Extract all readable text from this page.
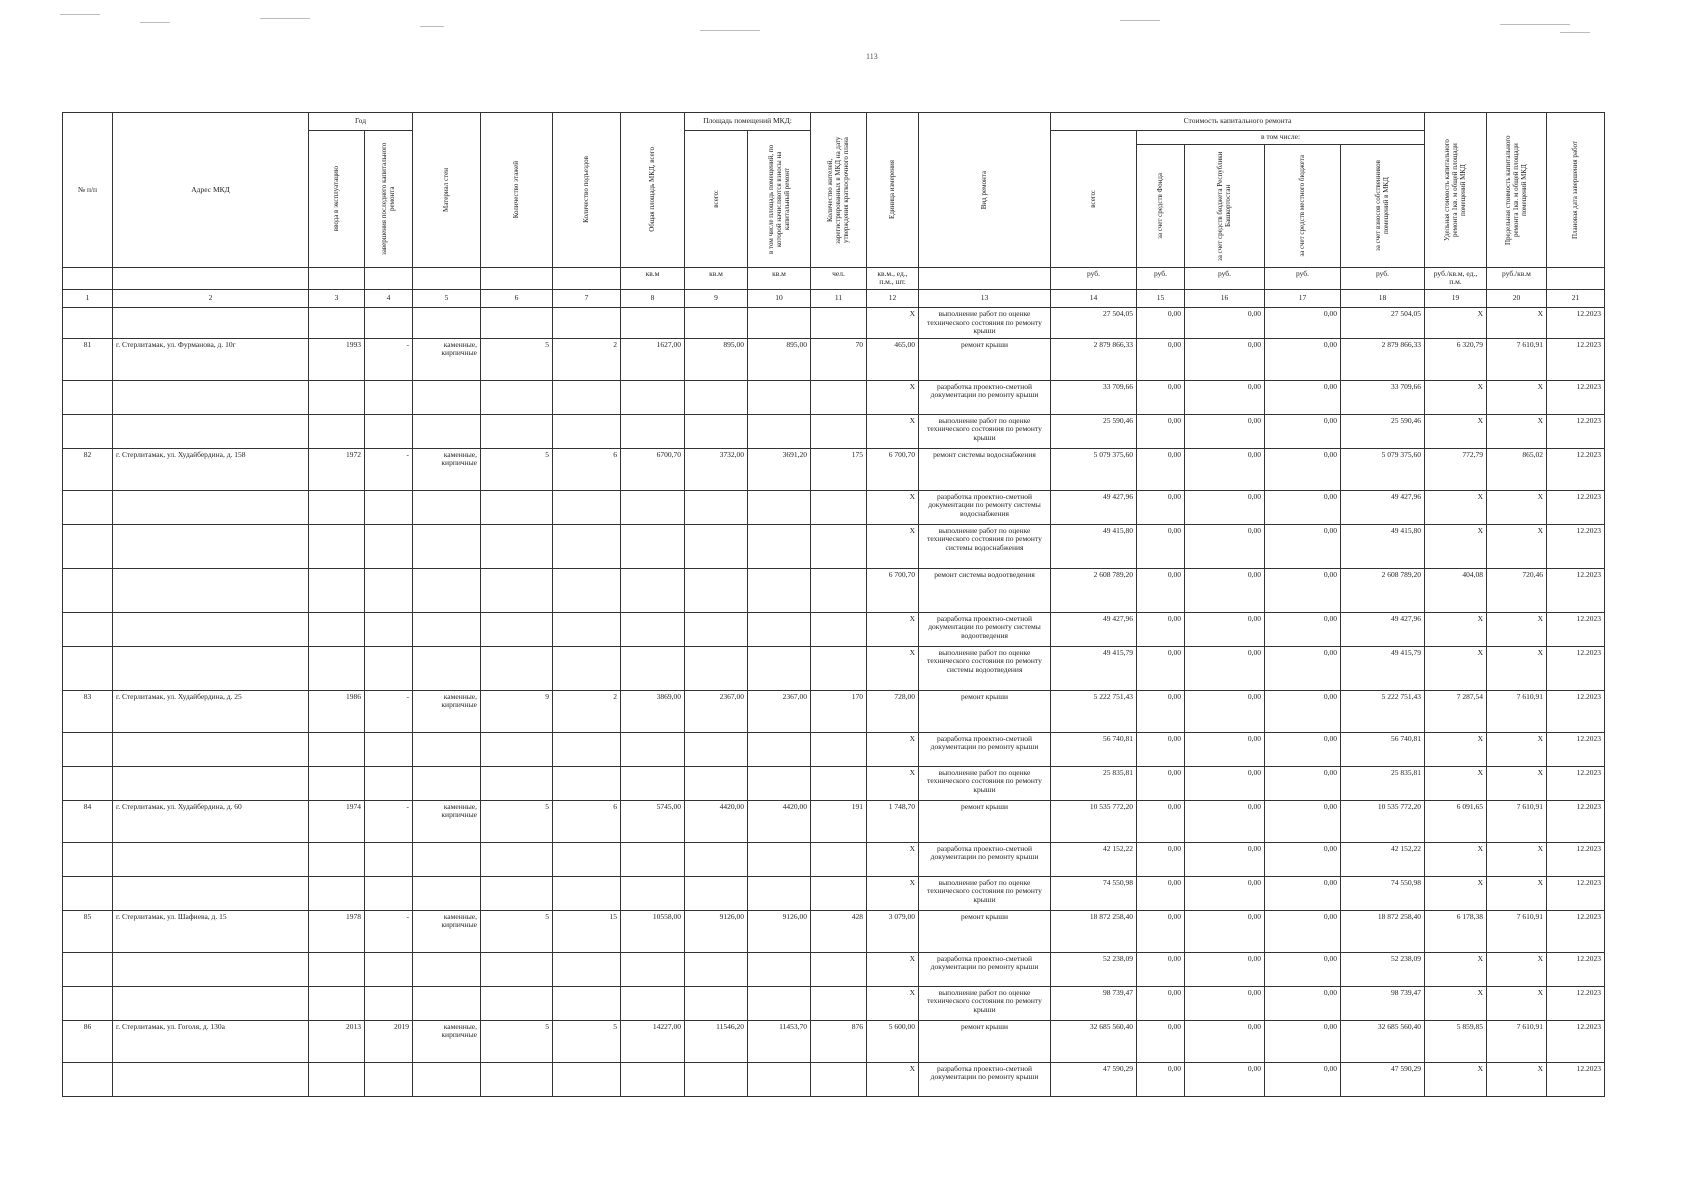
113
№ п/п	Адрес МКД	Год		Материал стен	Количество этажей	Количество подъездов	Общая площадь МКД, всего	Площадь помещений МКД:		Количество жителей, зарегистрированных в МКД на дату утверждения краткосрочного плана	Единица измерения	Вид ремонта	Стоимость капитального ремонта					Удельная стоимость капитального ремонта 1кв. м общей площади помещений МКД	Предельная стоимость капитального ремонта 1кв. м общей площади помещений МКД	Плановая дата завершения работ

		ввода в эксплуатацию	завершения последнего капитального ремонта					всего:	в том числе площадь помещений, по которой начисляются взносы на капитальный ремонт				всего:	в том числе:						

														за счет средств Фонда	за счет средств бюджета Республики Башкортостан	за счет средств местного бюджета	за счет взносов собственников помещений в МКД			

							кв.м	кв.м	кв.м	чел.	кв.м., ед., п.м., шт.		руб.	руб.	руб.	руб.	руб.	руб./кв.м, ед., п.м.	руб./кв.м	
1	2	3	4	5	6	7	8	9	10	11	12	13	14	15	16	17	18	19	20	21
											X	выполнение работ по оценке технического состояния по ремонту крыши	27 504,05	0,00	0,00	0,00	27 504,05	X	X	12.2023
81	г. Стерлитамак, ул. Фурманова, д. 10г	1993	-	каменные, кирпичные	5	2	1627,00	895,00	895,00	70	465,00	ремонт крыши	2 879 866,33	0,00	0,00	0,00	2 879 866,33	6 320,79	7 610,91	12.2023
											X	разработка проектно-сметной документации по ремонту крыши	33 709,66	0,00	0,00	0,00	33 709,66	X	X	12.2023
											X	выполнение работ по оценке технического состояния по ремонту крыши	25 590,46	0,00	0,00	0,00	25 590,46	X	X	12.2023
82	г. Стерлитамак, ул. Худайбердина, д. 158	1972	-	каменные, кирпичные	5	6	6700,70	3732,00	3691,20	175	6 700,70	ремонт системы водоснабжения	5 079 375,60	0,00	0,00	0,00	5 079 375,60	772,79	865,02	12.2023
											X	разработка проектно-сметной документации по ремонту системы водоснабжения	49 427,96	0,00	0,00	0,00	49 427,96	X	X	12.2023
											X	выполнение работ по оценке технического состояния по ремонту системы водоснабжения	49 415,80	0,00	0,00	0,00	49 415,80	X	X	12.2023
											6 700,70	ремонт системы водоотведения	2 608 789,20	0,00	0,00	0,00	2 608 789,20	404,08	720,46	12.2023
											X	разработка проектно-сметной документации по ремонту системы водоотведения	49 427,96	0,00	0,00	0,00	49 427,96	X	X	12.2023
											X	выполнение работ по оценке технического состояния по ремонту системы водоотведения	49 415,79	0,00	0,00	0,00	49 415,79	X	X	12.2023
83	г. Стерлитамак, ул. Худайбердина, д. 25	1986	-	каменные, кирпичные	9	2	3869,00	2367,00	2367,00	170	728,00	ремонт крыши	5 222 751,43	0,00	0,00	0,00	5 222 751,43	7 287,54	7 610,91	12.2023
											X	разработка проектно-сметной документации по ремонту крыши	56 740,81	0,00	0,00	0,00	56 740,81	X	X	12.2023
											X	выполнение работ по оценке технического состояния по ремонту крыши	25 835,81	0,00	0,00	0,00	25 835,81	X	X	12.2023
84	г. Стерлитамак, ул. Худайбердина, д. 60	1974	-	каменные, кирпичные	5	6	5745,00	4420,00	4420,00	191	1 748,70	ремонт крыши	10 535 772,20	0,00	0,00	0,00	10 535 772,20	6 091,65	7 610,91	12.2023
											X	разработка проектно-сметной документации по ремонту крыши	42 152,22	0,00	0,00	0,00	42 152,22	X	X	12.2023
											X	выполнение работ по оценке технического состояния по ремонту крыши	74 550,98	0,00	0,00	0,00	74 550,98	X	X	12.2023
85	г. Стерлитамак, ул. Шафиева, д. 15	1978	-	каменные, кирпичные	5	15	10558,00	9126,00	9126,00	428	3 079,00	ремонт крыши	18 872 258,40	0,00	0,00	0,00	18 872 258,40	6 178,38	7 610,91	12.2023
											X	разработка проектно-сметной документации по ремонту крыши	52 238,09	0,00	0,00	0,00	52 238,09	X	X	12.2023
											X	выполнение работ по оценке технического состояния по ремонту крыши	98 739,47	0,00	0,00	0,00	98 739,47	X	X	12.2023
86	г. Стерлитамак, ул. Гоголя, д. 130а	2013	2019	каменные, кирпичные	5	5	14227,00	11546,20	11453,70	876	5 600,00	ремонт крыши	32 685 560,40	0,00	0,00	0,00	32 685 560,40	5 859,85	7 610,91	12.2023
											X	разработка проектно-сметной документации по ремонту крыши	47 590,29	0,00	0,00	0,00	47 590,29	X	X	12.2023
